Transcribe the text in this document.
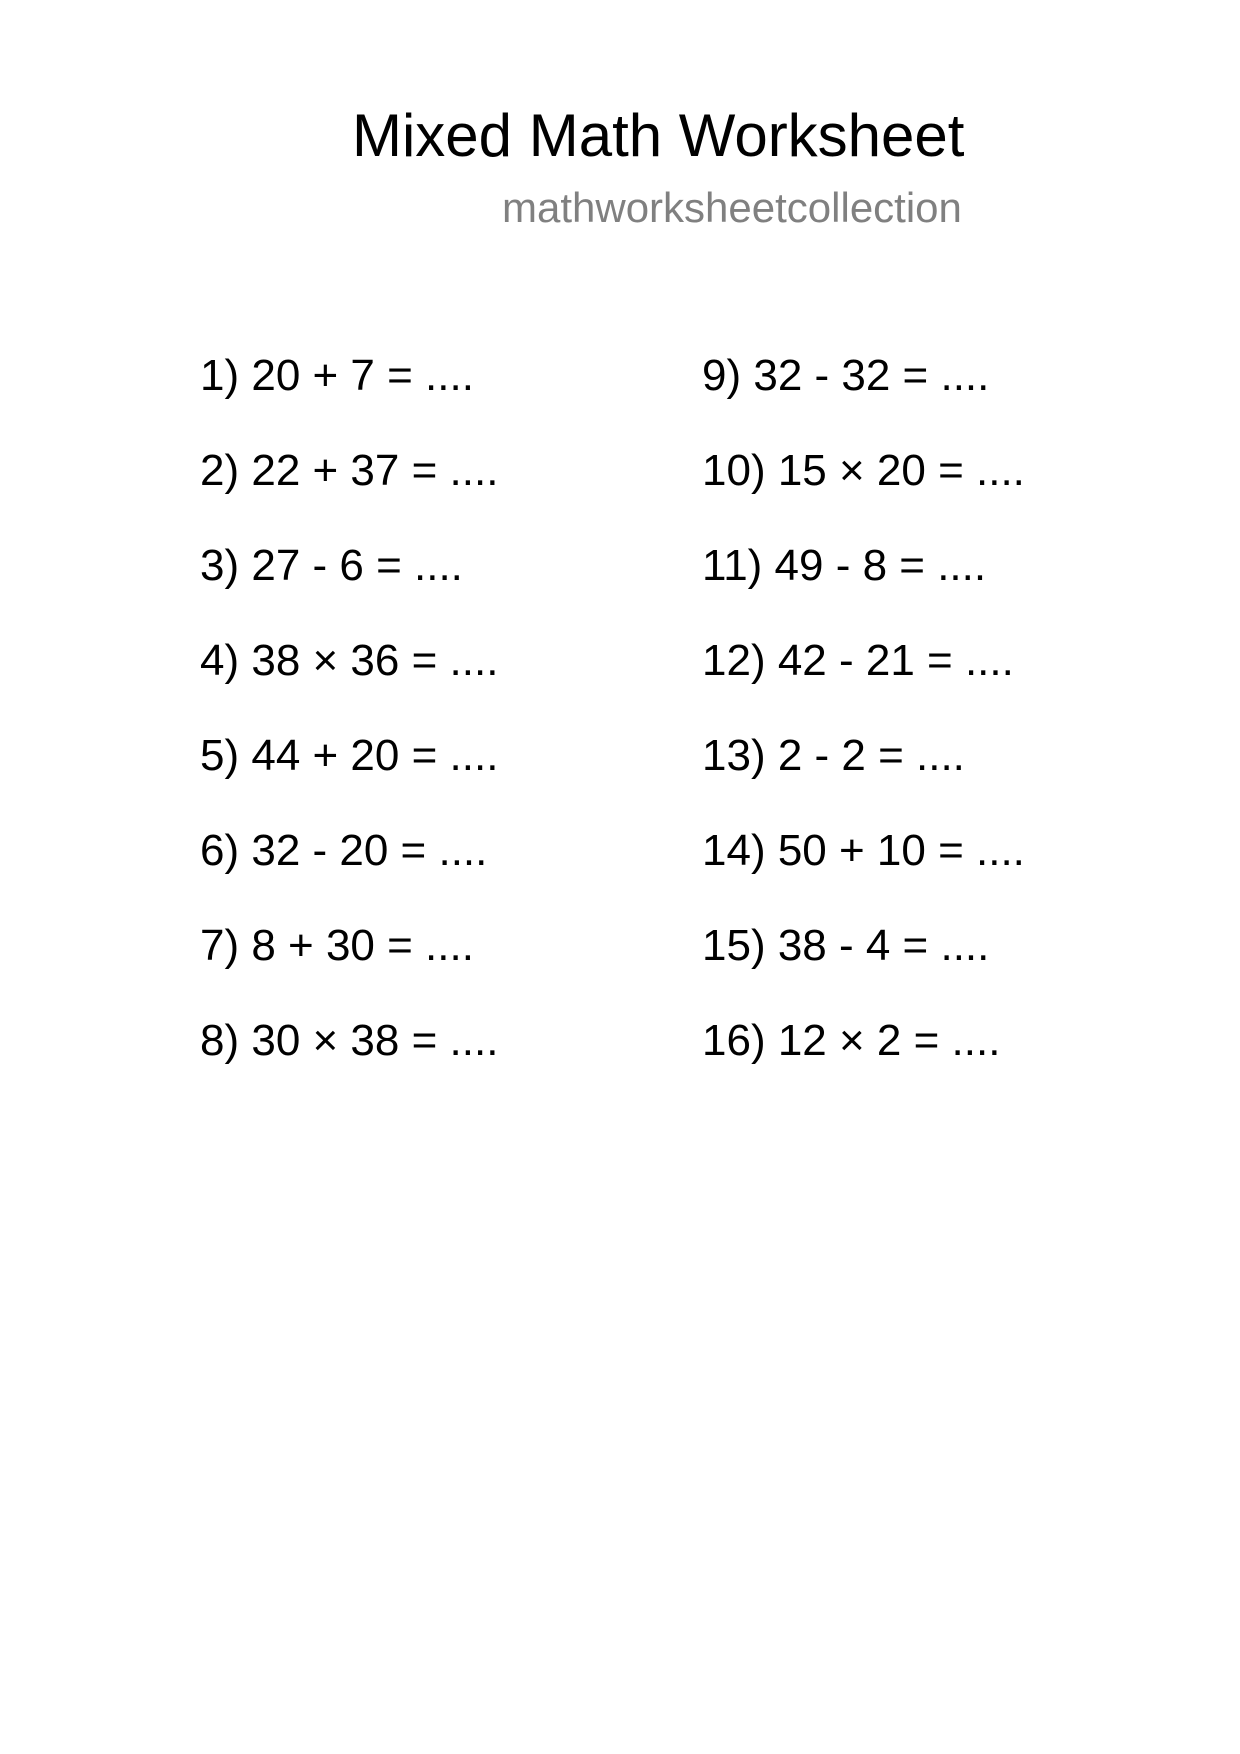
Mixed Math Worksheet
mathworksheetcollection
1) 20 + 7 = ....
2) 22 + 37 = ....
3) 27 - 6 = ....
4) 38 × 36 = ....
5) 44 + 20 = ....
6) 32 - 20 = ....
7) 8 + 30 = ....
8) 30 × 38 = ....
9) 32 - 32 = ....
10) 15 × 20 = ....
11) 49 - 8 = ....
12) 42 - 21 = ....
13) 2 - 2 = ....
14) 50 + 10 = ....
15) 38 - 4 = ....
16) 12 × 2 = ....
